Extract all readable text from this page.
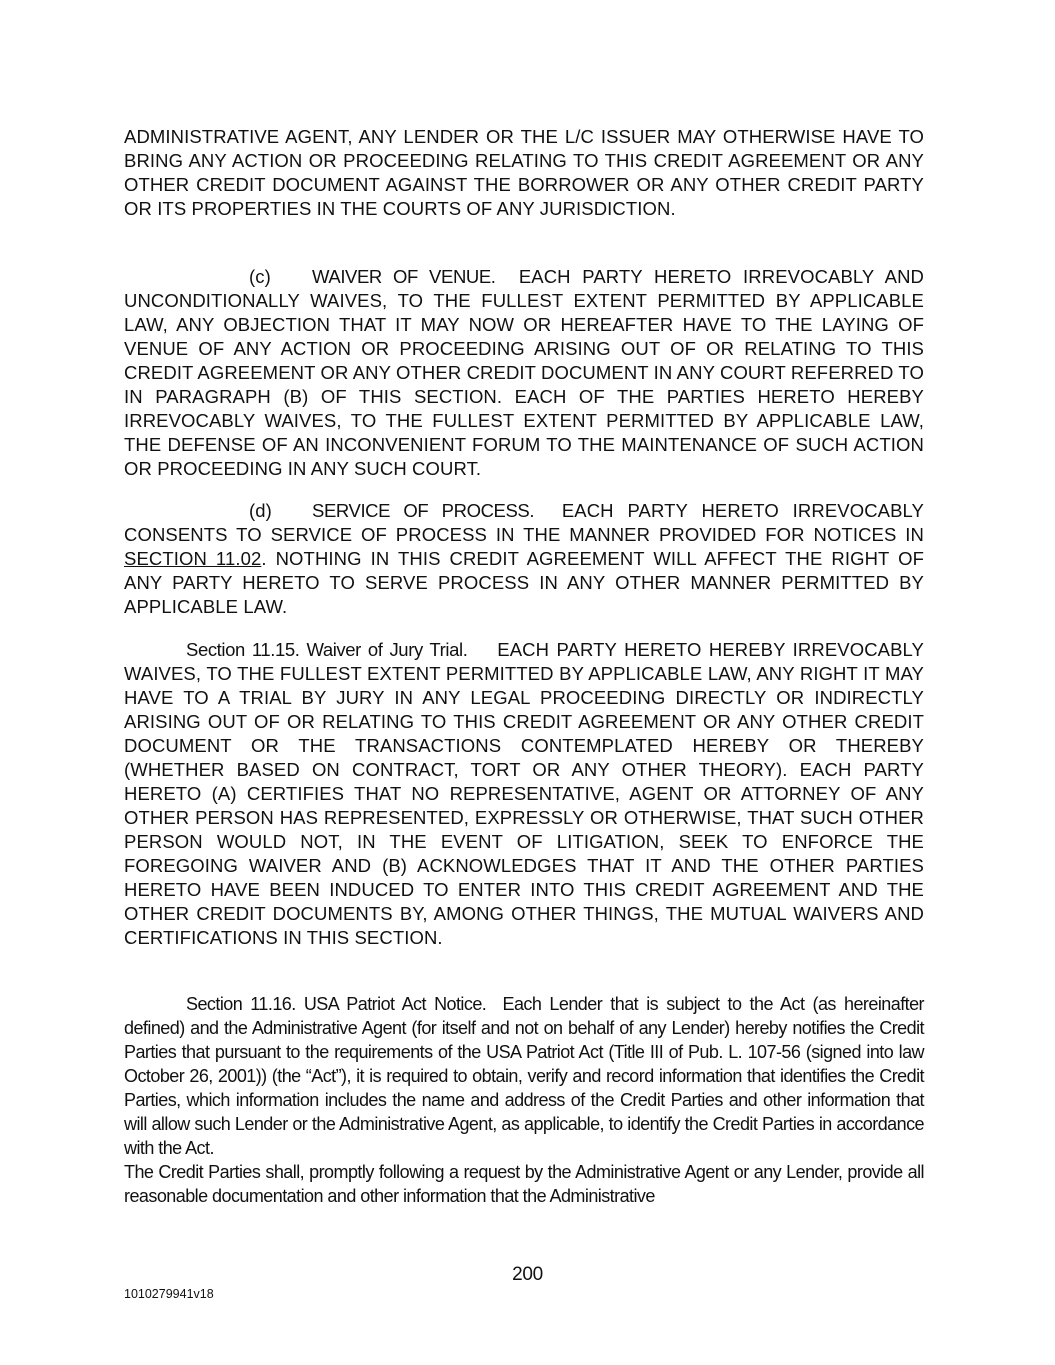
ADMINISTRATIVE AGENT, ANY LENDER OR THE L/C ISSUER MAY OTHERWISE HAVE TO BRING ANY ACTION OR PROCEEDING RELATING TO THIS CREDIT AGREEMENT OR ANY OTHER CREDIT DOCUMENT AGAINST THE BORROWER OR ANY OTHER CREDIT PARTY OR ITS PROPERTIES IN THE COURTS OF ANY JURISDICTION.

(c) WAIVER OF VENUE. EACH PARTY HERETO IRREVOCABLY AND UNCONDITIONALLY WAIVES, TO THE FULLEST EXTENT PERMITTED BY APPLICABLE LAW, ANY OBJECTION THAT IT MAY NOW OR HEREAFTER HAVE TO THE LAYING OF VENUE OF ANY ACTION OR PROCEEDING ARISING OUT OF OR RELATING TO THIS CREDIT AGREEMENT OR ANY OTHER CREDIT DOCUMENT IN ANY COURT REFERRED TO IN PARAGRAPH (B) OF THIS SECTION. EACH OF THE PARTIES HERETO HEREBY IRREVOCABLY WAIVES, TO THE FULLEST EXTENT PERMITTED BY APPLICABLE LAW, THE DEFENSE OF AN INCONVENIENT FORUM TO THE MAINTENANCE OF SUCH ACTION OR PROCEEDING IN ANY SUCH COURT.

(d) SERVICE OF PROCESS. EACH PARTY HERETO IRREVOCABLY CONSENTS TO SERVICE OF PROCESS IN THE MANNER PROVIDED FOR NOTICES IN SECTION 11.02. NOTHING IN THIS CREDIT AGREEMENT WILL AFFECT THE RIGHT OF ANY PARTY HERETO TO SERVE PROCESS IN ANY OTHER MANNER PERMITTED BY APPLICABLE LAW.

Section 11.15. Waiver of Jury Trial. EACH PARTY HERETO HEREBY IRREVOCABLY WAIVES, TO THE FULLEST EXTENT PERMITTED BY APPLICABLE LAW, ANY RIGHT IT MAY HAVE TO A TRIAL BY JURY IN ANY LEGAL PROCEEDING DIRECTLY OR INDIRECTLY ARISING OUT OF OR RELATING TO THIS CREDIT AGREEMENT OR ANY OTHER CREDIT DOCUMENT OR THE TRANSACTIONS CONTEMPLATED HEREBY OR THEREBY (WHETHER BASED ON CONTRACT, TORT OR ANY OTHER THEORY). EACH PARTY HERETO (A) CERTIFIES THAT NO REPRESENTATIVE, AGENT OR ATTORNEY OF ANY OTHER PERSON HAS REPRESENTED, EXPRESSLY OR OTHERWISE, THAT SUCH OTHER PERSON WOULD NOT, IN THE EVENT OF LITIGATION, SEEK TO ENFORCE THE FOREGOING WAIVER AND (B) ACKNOWLEDGES THAT IT AND THE OTHER PARTIES HERETO HAVE BEEN INDUCED TO ENTER INTO THIS CREDIT AGREEMENT AND THE OTHER CREDIT DOCUMENTS BY, AMONG OTHER THINGS, THE MUTUAL WAIVERS AND CERTIFICATIONS IN THIS SECTION.

Section 11.16. USA Patriot Act Notice. Each Lender that is subject to the Act (as hereinafter defined) and the Administrative Agent (for itself and not on behalf of any Lender) hereby notifies the Credit Parties that pursuant to the requirements of the USA Patriot Act (Title III of Pub. L. 107-56 (signed into law October 26, 2001)) (the “Act”), it is required to obtain, verify and record information that identifies the Credit Parties, which information includes the name and address of the Credit Parties and other information that will allow such Lender or the Administrative Agent, as applicable, to identify the Credit Parties in accordance with the Act.
The Credit Parties shall, promptly following a request by the Administrative Agent or any Lender, provide all reasonable documentation and other information that the Administrative

200
1010279941v18
